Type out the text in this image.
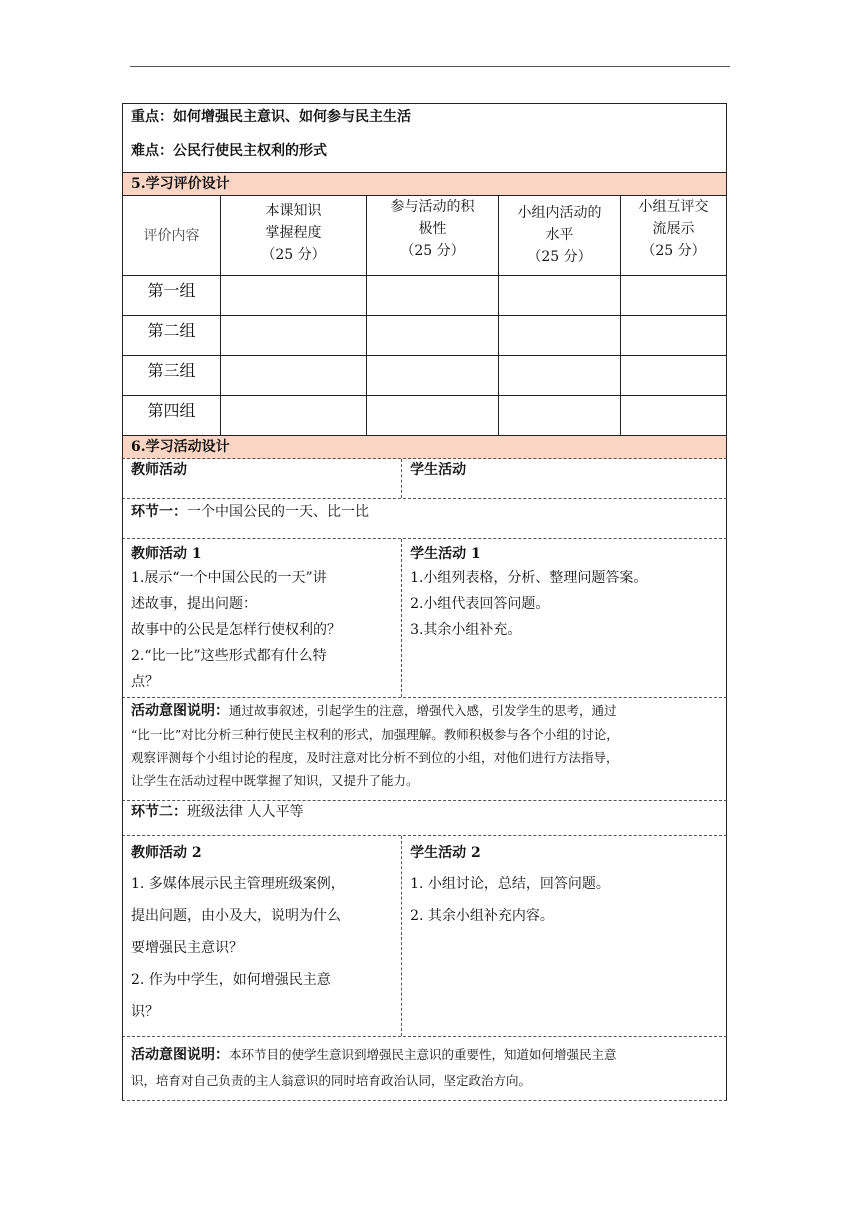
重点：如何增强民主意识、如何参与民主生活
难点：公民行使民主权利的形式
5.学习评价设计
评价内容
本课知识
掌握程度
（25 分）
参与活动的积
极性
（25 分）
小组内活动的
水平
（25 分）
小组互评交
流展示
（25 分）
第一组
第二组
第三组
第四组
6.学习活动设计
教师活动	学生活动
环节一：一个中国公民的一天、比一比
教师活动 1
1.展示“一个中国公民的一天”讲
述故事，提出问题：
故事中的公民是怎样行使权利的？
2.“比一比”这些形式都有什么特
点？
学生活动 1
1.小组列表格，分析、整理问题答案。
2.小组代表回答问题。
3.其余小组补充。
活动意图说明：通过故事叙述，引起学生的注意，增强代入感，引发学生的思考，通过
“比一比”对比分析三种行使民主权利的形式，加强理解。教师积极参与各个小组的讨论，
观察评测每个小组讨论的程度，及时注意对比分析不到位的小组，对他们进行方法指导，
让学生在活动过程中既掌握了知识，又提升了能力。
环节二：班级法律 人人平等
教师活动 2
1. 多媒体展示民主管理班级案例，
提出问题，由小及大，说明为什么
要增强民主意识？
2. 作为中学生，如何增强民主意
识？
学生活动 2
1. 小组讨论，总结，回答问题。
2. 其余小组补充内容。
活动意图说明：本环节目的使学生意识到增强民主意识的重要性，知道如何增强民主意
识，培育对自己负责的主人翁意识的同时培育政治认同，坚定政治方向。
